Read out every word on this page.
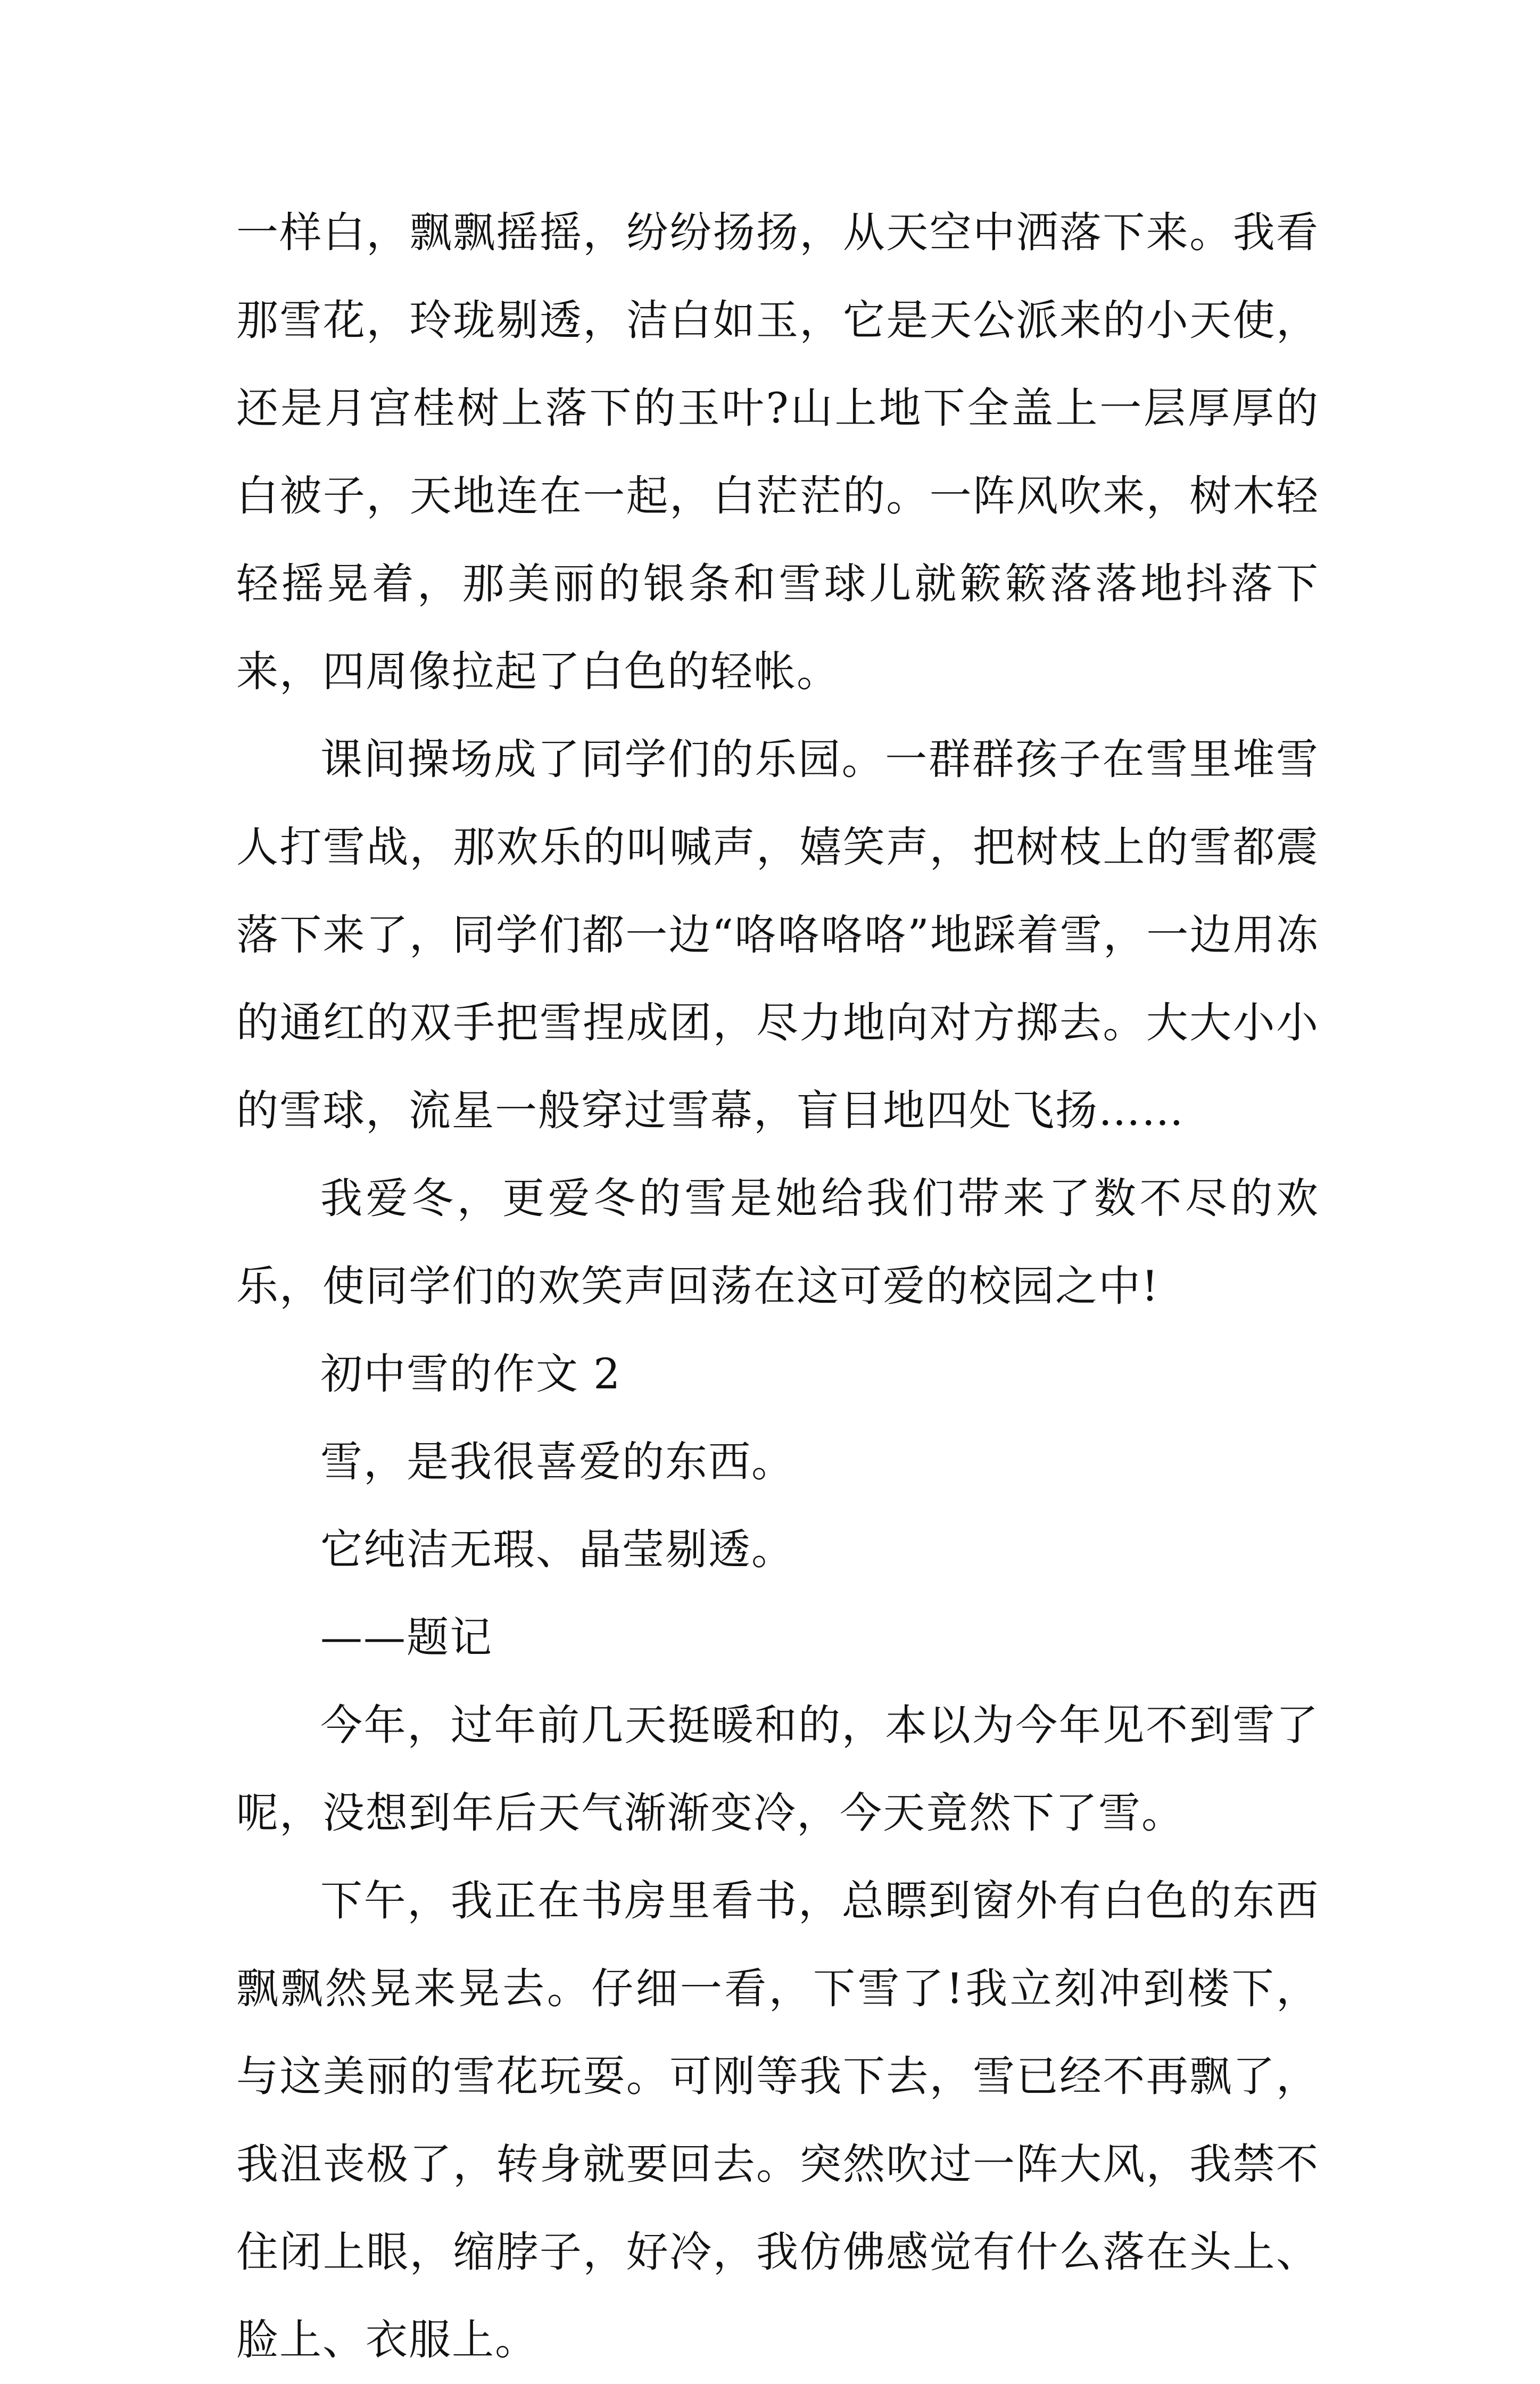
一样白，飘飘摇摇，纷纷扬扬，从天空中洒落下来。我看那雪花，玲珑剔透，洁白如玉，它是天公派来的小天使，还是月宫桂树上落下的玉叶?山上地下全盖上一层厚厚的白被子，天地连在一起，白茫茫的。一阵风吹来，树木轻轻摇晃着，那美丽的银条和雪球儿就簌簌落落地抖落下来，四周像拉起了白色的轻帐。

课间操场成了同学们的乐园。一群群孩子在雪里堆雪人打雪战，那欢乐的叫喊声，嬉笑声，把树枝上的雪都震落下来了，同学们都一边“咯咯咯咯”地踩着雪，一边用冻的通红的双手把雪捏成团，尽力地向对方掷去。大大小小的雪球，流星一般穿过雪幕，盲目地四处飞扬……

我爱冬，更爱冬的雪是她给我们带来了数不尽的欢乐，使同学们的欢笑声回荡在这可爱的校园之中!

初中雪的作文 2

雪，是我很喜爱的东西。

它纯洁无瑕、晶莹剔透。

——题记

今年，过年前几天挺暖和的，本以为今年见不到雪了呢，没想到年后天气渐渐变冷，今天竟然下了雪。

下午，我正在书房里看书，总瞟到窗外有白色的东西飘飘然晃来晃去。仔细一看，下雪了!我立刻冲到楼下，与这美丽的雪花玩耍。可刚等我下去，雪已经不再飘了，我沮丧极了，转身就要回去。突然吹过一阵大风，我禁不住闭上眼，缩脖子，好冷，我仿佛感觉有什么落在头上、脸上、衣服上。
